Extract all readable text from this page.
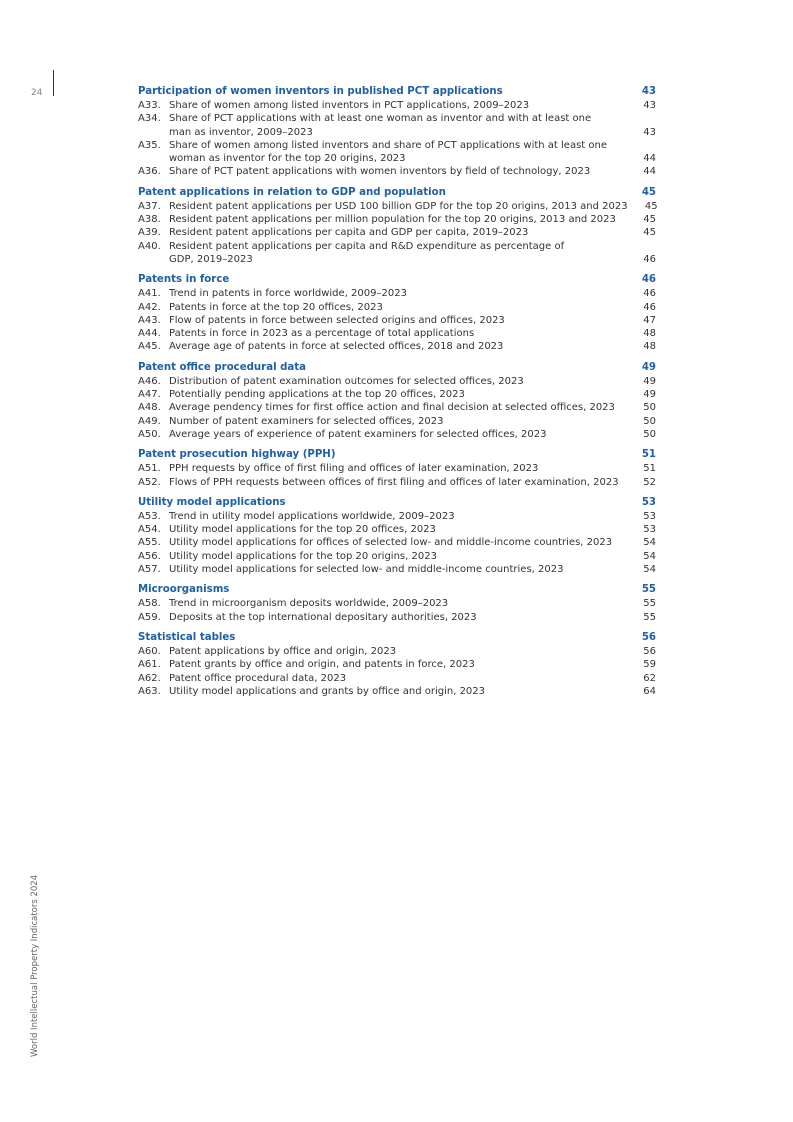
24
World Intellectual Property Indicators 2024
Participation of women inventors in published PCT applications	43
A33. Share of women among listed inventors in PCT applications, 2009–2023	43
A34. Share of PCT applications with at least one woman as inventor and with at least one
man as inventor, 2009–2023	43
A35. Share of women among listed inventors and share of PCT applications with at least one
woman as inventor for the top 20 origins, 2023	44
A36. Share of PCT patent applications with women inventors by field of technology, 2023	44
Patent applications in relation to GDP and population	45
A37. Resident patent applications per USD 100 billion GDP for the top 20 origins, 2013 and 2023	45
A38. Resident patent applications per million population for the top 20 origins, 2013 and 2023	45
A39. Resident patent applications per capita and GDP per capita, 2019–2023	45
A40. Resident patent applications per capita and R&D expenditure as percentage of
GDP, 2019–2023	46
Patents in force	46
A41. Trend in patents in force worldwide, 2009–2023	46
A42. Patents in force at the top 20 offices, 2023	46
A43. Flow of patents in force between selected origins and offices, 2023	47
A44. Patents in force in 2023 as a percentage of total applications	48
A45. Average age of patents in force at selected offices, 2018 and 2023	48
Patent office procedural data	49
A46. Distribution of patent examination outcomes for selected offices, 2023	49
A47. Potentially pending applications at the top 20 offices, 2023	49
A48. Average pendency times for first office action and final decision at selected offices, 2023	50
A49. Number of patent examiners for selected offices, 2023	50
A50. Average years of experience of patent examiners for selected offices, 2023	50
Patent prosecution highway (PPH)	51
A51. PPH requests by office of first filing and offices of later examination, 2023	51
A52. Flows of PPH requests between offices of first filing and offices of later examination, 2023	52
Utility model applications	53
A53. Trend in utility model applications worldwide, 2009–2023	53
A54. Utility model applications for the top 20 offices, 2023	53
A55. Utility model applications for offices of selected low- and middle-income countries, 2023	54
A56. Utility model applications for the top 20 origins, 2023	54
A57. Utility model applications for selected low- and middle-income countries, 2023	54
Microorganisms	55
A58. Trend in microorganism deposits worldwide, 2009–2023	55
A59. Deposits at the top international depositary authorities, 2023	55
Statistical tables	56
A60. Patent applications by office and origin, 2023	56
A61. Patent grants by office and origin, and patents in force, 2023	59
A62. Patent office procedural data, 2023	62
A63. Utility model applications and grants by office and origin, 2023	64
